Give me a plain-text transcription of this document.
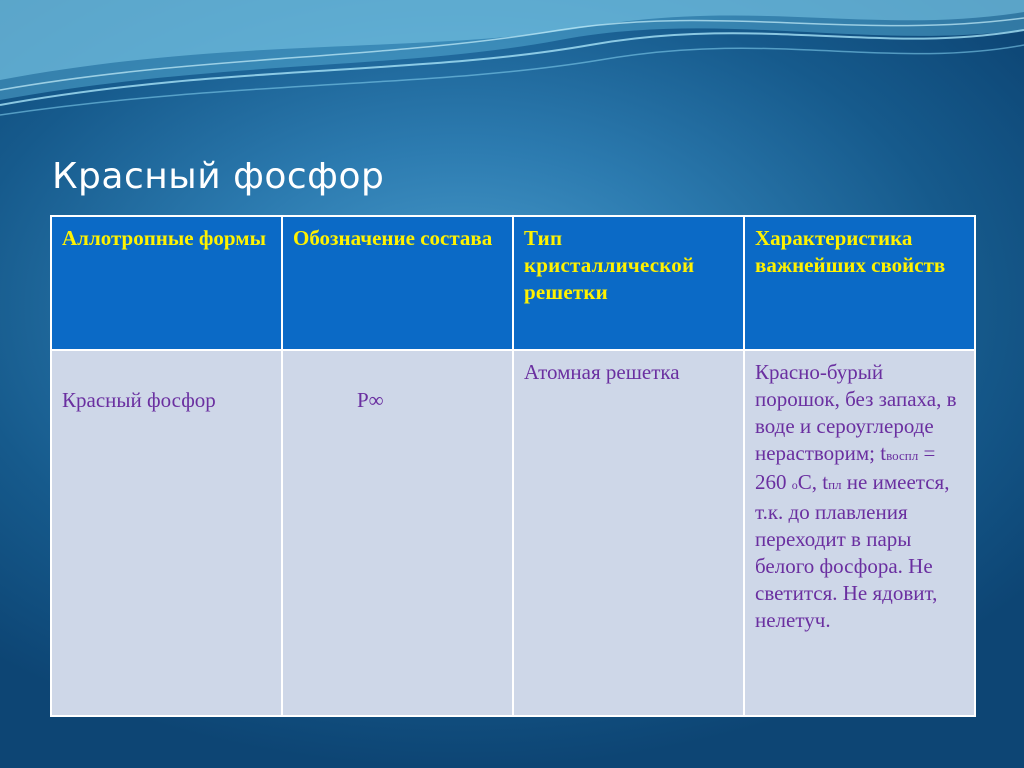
Красный фосфор
Аллотропные формы	Обозначение состава	Тип кристаллической решетки	Характеристика важнейших свойств
Красный фосфор	P∞	Атомная решетка	Красно-бурый порошок, без запаха, в воде и сероуглероде нерастворим; tвоспл = 260 oC, tпл не имеется, т.к. до плавления переходит в пары белого фосфора. Не светится. Не ядовит, нелетуч.
